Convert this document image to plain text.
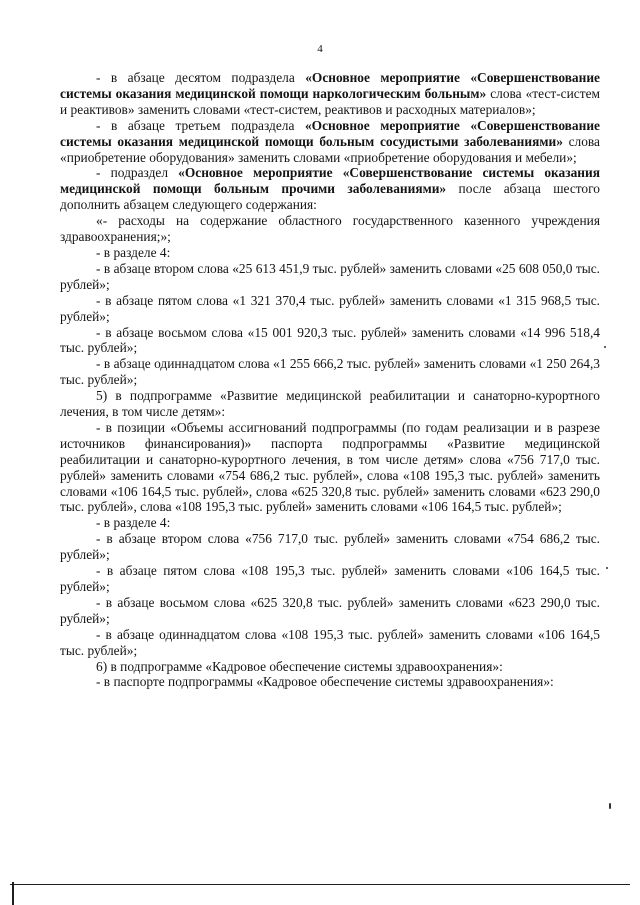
4

- в абзаце десятом подраздела «Основное мероприятие «Совершенствование системы оказания медицинской помощи наркологическим больным» слова «тест-систем и реактивов» заменить словами «тест-систем, реактивов и расходных материалов»;

- в абзаце третьем подраздела «Основное мероприятие «Совершенствование системы оказания медицинской помощи больным сосудистыми заболеваниями» слова «приобретение оборудования» заменить словами «приобретение оборудования и мебели»;

- подраздел «Основное мероприятие «Совершенствование системы оказания медицинской помощи больным прочими заболеваниями» после абзаца шестого дополнить абзацем следующего содержания:

«- расходы на содержание областного государственного казенного учреждения здравоохранения;»;

- в разделе 4:

- в абзаце втором слова «25 613 451,9 тыс. рублей» заменить словами «25 608 050,0 тыс. рублей»;

- в абзаце пятом слова «1 321 370,4 тыс. рублей» заменить словами «1 315 968,5 тыс. рублей»;

- в абзаце восьмом слова «15 001 920,3 тыс. рублей» заменить словами «14 996 518,4 тыс. рублей»;

- в абзаце одиннадцатом слова «1 255 666,2 тыс. рублей» заменить словами «1 250 264,3 тыс. рублей»;

5) в подпрограмме «Развитие медицинской реабилитации и санаторно-курортного лечения, в том числе детям»:

- в позиции «Объемы ассигнований подпрограммы (по годам реализации и в разрезе источников финансирования)» паспорта подпрограммы «Развитие медицинской реабилитации и санаторно-курортного лечения, в том числе детям» слова «756 717,0 тыс. рублей» заменить словами «754 686,2 тыс. рублей», слова «108 195,3 тыс. рублей» заменить словами «106 164,5 тыс. рублей», слова «625 320,8 тыс. рублей» заменить словами «623 290,0 тыс. рублей», слова «108 195,3 тыс. рублей» заменить словами «106 164,5 тыс. рублей»;

- в разделе 4:

- в абзаце втором слова «756 717,0 тыс. рублей» заменить словами «754 686,2 тыс. рублей»;

- в абзаце пятом слова «108 195,3 тыс. рублей» заменить словами «106 164,5 тыс. рублей»;

- в абзаце восьмом слова «625 320,8 тыс. рублей» заменить словами «623 290,0 тыс. рублей»;

- в абзаце одиннадцатом слова «108 195,3 тыс. рублей» заменить словами «106 164,5 тыс. рублей»;

6) в подпрограмме «Кадровое обеспечение системы здравоохранения»:

- в паспорте подпрограммы «Кадровое обеспечение системы здравоохранения»:
